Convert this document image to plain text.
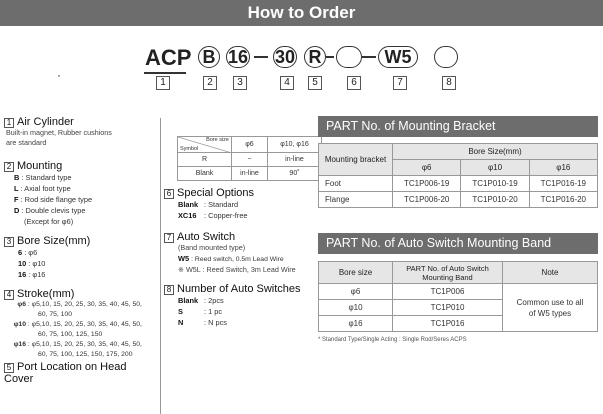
How to Order
ACP B 16 30 R	W5
1	2	3	4	5	6	7	8
·
1 Air Cylinder
Built-in magnet, Rubber cushions
are standard
2 Mounting
B : Standard type
L : Axial foot type
F : Rod side flange type
D : Double clevis type
(Except for φ6)
3 Bore Size(mm)
6 : φ6
10 : φ10
16 : φ16
4 Stroke(mm)
φ6 : φ5,10, 15, 20, 25, 30, 35, 40, 45, 50,
60, 75, 100
φ10 : φ5,10, 15, 20, 25, 30, 35, 40, 45, 50,
60, 75, 100, 125, 150
φ16 : φ5,10, 15, 20, 25, 30, 35, 40, 45, 50,
60, 75, 100, 125, 150, 175, 200
5 Port Location on Head Cover
Bore size
Symbol	φ6	φ10, φ16
R	−	in-line
Blank	in-line	90˚
6 Special Options
Blank : Standard
XC16 : Copper-free
7 Auto Switch
(Band mounted type)
W5 : Reed switch, 0.5m Lead Wire
※ W5L : Reed Switch, 3m Lead Wire
8 Number of Auto Switches
Blank : 2pcs
S	: 1 pc
N	: N pcs
PART No. of Mounting Bracket
Mounting bracket	Bore Size(mm)		
	φ6	φ10	φ16
Foot	TC1P006-19	TC1P010-19	TC1P016-19
Flange	TC1P006-20	TC1P010-20	TC1P016-20
PART No. of Auto Switch Mounting Band
Bore size	PART No. of Auto Switch Mounting Band	Note
φ6	TC1P006	Common use to all of W5 types
φ10	TC1P010	
φ16	TC1P016	
* Standard Type/Single Acting : Single Rod/Seres ACPS
